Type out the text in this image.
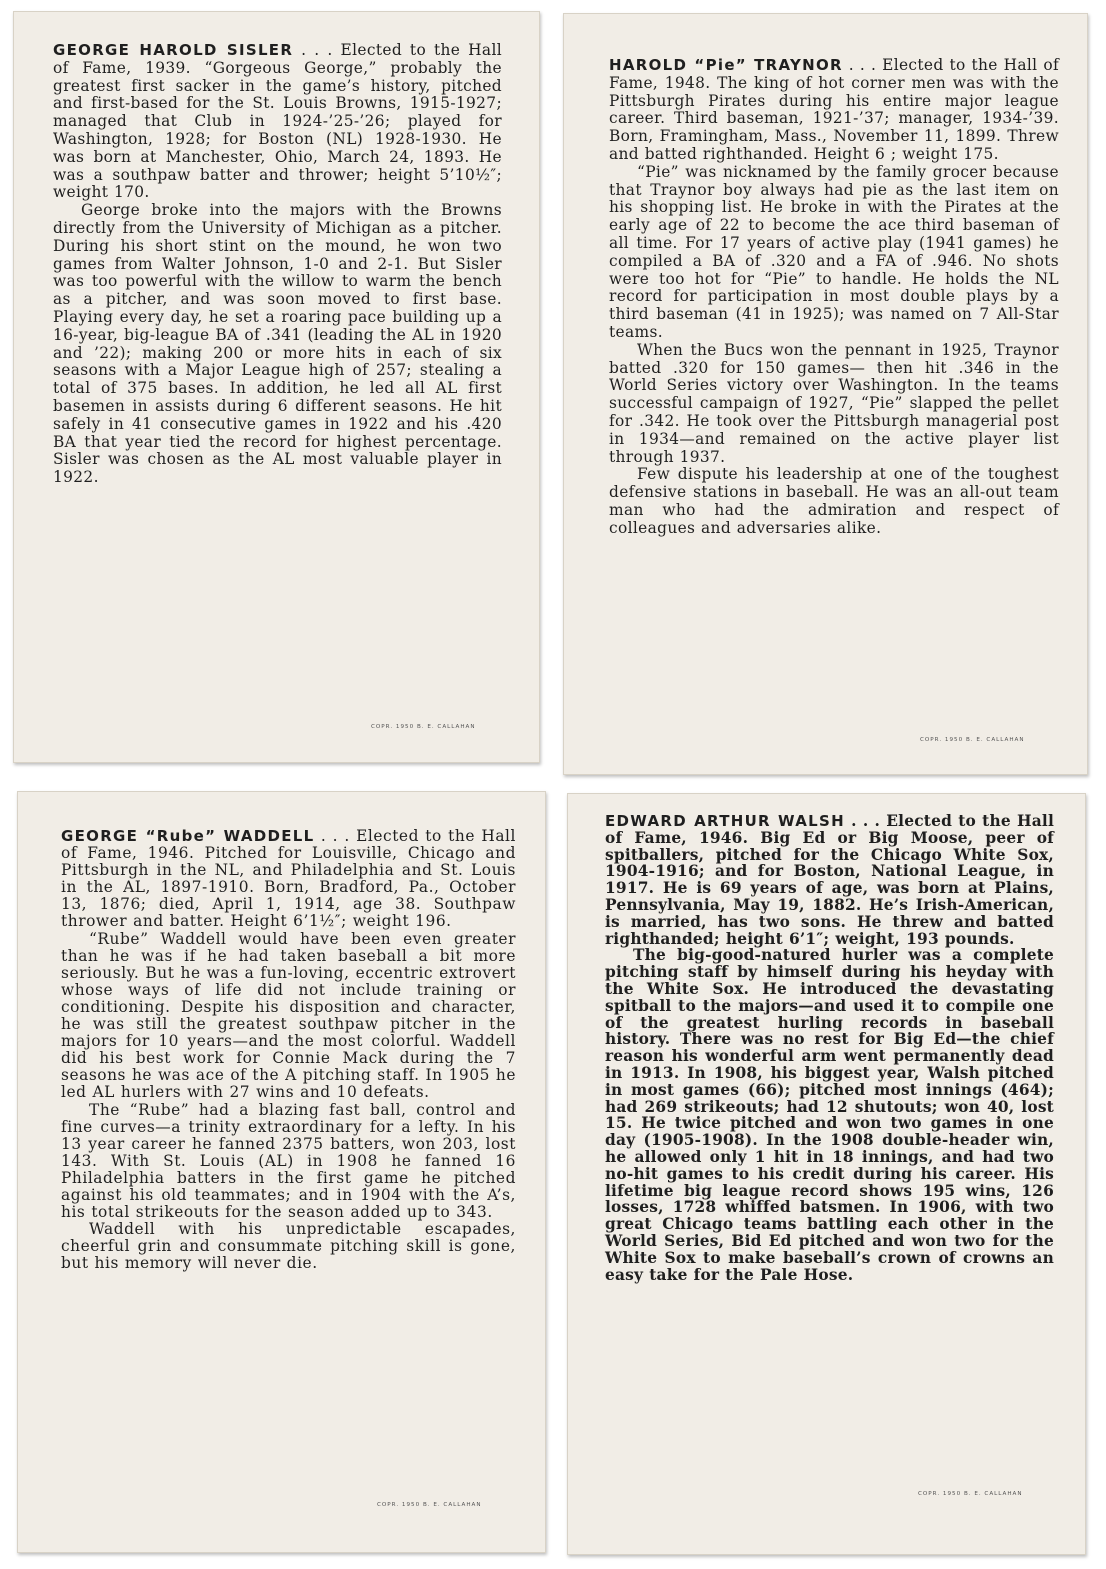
GEORGE HAROLD SISLER . . . Elected to the Hall of Fame, 1939. “Gorgeous George,” probably the greatest first sacker in the game’s history, pitched and first-based for the St. Louis Browns, 1915-1927; managed that Club in 1924-’25-’26; played for Washington, 1928; for Boston (NL) 1928-1930. He was born at Manchester, Ohio, March 24, 1893. He was a southpaw batter and thrower; height 5’10½″; weight 170.

George broke into the majors with the Browns directly from the University of Michigan as a pitcher. During his short stint on the mound, he won two games from Walter Johnson, 1-0 and 2-1. But Sisler was too powerful with the willow to warm the bench as a pitcher, and was soon moved to first base. Playing every day, he set a roaring pace building up a 16-year, big-league BA of .341 (leading the AL in 1920 and ’22); making 200 or more hits in each of six seasons with a Major League high of 257; stealing a total of 375 bases. In addition, he led all AL first basemen in assists during 6 different seasons. He hit safely in 41 consecutive games in 1922 and his .420 BA that year tied the record for highest percentage. Sisler was chosen as the AL most valuable player in 1922.

COPR. 1950 B. E. CALLAHAN

HAROLD “Pie” TRAYNOR . . . Elected to the Hall of Fame, 1948. The king of hot corner men was with the Pittsburgh Pirates during his entire major league career. Third baseman, 1921-’37; manager, 1934-’39. Born, Framingham, Mass., November 11, 1899. Threw and batted righthanded. Height 6 ; weight 175.

“Pie” was nicknamed by the family grocer because that Traynor boy always had pie as the last item on his shopping list. He broke in with the Pirates at the early age of 22 to become the ace third baseman of all time. For 17 years of active play (1941 games) he compiled a BA of .320 and a FA of .946. No shots were too hot for “Pie” to handle. He holds the NL record for participation in most double plays by a third baseman (41 in 1925); was named on 7 All-Star teams.

When the Bucs won the pennant in 1925, Traynor batted .320 for 150 games— then hit .346 in the World Series victory over Washington. In the teams successful campaign of 1927, “Pie” slapped the pellet for .342. He took over the Pittsburgh managerial post in 1934—and remained on the active player list through 1937.

Few dispute his leadership at one of the toughest defensive stations in baseball. He was an all-out team man who had the admiration and respect of colleagues and adversaries alike.

COPR. 1950 B. E. CALLAHAN

GEORGE “Rube” WADDELL . . . Elected to the Hall of Fame, 1946. Pitched for Louisville, Chicago and Pittsburgh in the NL, and Philadelphia and St. Louis in the AL, 1897-1910. Born, Bradford, Pa., October 13, 1876; died, April 1, 1914, age 38. Southpaw thrower and batter. Height 6’1½″; weight 196.

“Rube” Waddell would have been even greater than he was if he had taken baseball a bit more seriously. But he was a fun-loving, eccentric extrovert whose ways of life did not include training or conditioning. Despite his disposition and character, he was still the greatest southpaw pitcher in the majors for 10 years—and the most colorful. Waddell did his best work for Connie Mack during the 7 seasons he was ace of the A pitching staff. In 1905 he led AL hurlers with 27 wins and 10 defeats.

The “Rube” had a blazing fast ball, control and fine curves—a trinity extraordinary for a lefty. In his 13 year career he fanned 2375 batters, won 203, lost 143. With St. Louis (AL) in 1908 he fanned 16 Philadelphia batters in the first game he pitched against his old teammates; and in 1904 with the A’s, his total strikeouts for the season added up to 343.

Waddell with his unpredictable escapades, cheerful grin and consummate pitching skill is gone, but his memory will never die.

COPR. 1950 B. E. CALLAHAN

EDWARD ARTHUR WALSH . . . Elected to the Hall of Fame, 1946. Big Ed or Big Moose, peer of spitballers, pitched for the Chicago White Sox, 1904-1916; and for Boston, National League, in 1917. He is 69 years of age, was born at Plains, Pennsylvania, May 19, 1882. He’s Irish-American, is married, has two sons. He threw and batted righthanded; height 6’1″; weight, 193 pounds.

The big-good-natured hurler was a complete pitching staff by himself during his heyday with the White Sox. He introduced the devastating spitball to the majors—and used it to compile one of the greatest hurling records in baseball history. There was no rest for Big Ed—the chief reason his wonderful arm went permanently dead in 1913. In 1908, his biggest year, Walsh pitched in most games (66); pitched most innings (464); had 269 strikeouts; had 12 shutouts; won 40, lost 15. He twice pitched and won two games in one day (1905-1908). In the 1908 double-header win, he allowed only 1 hit in 18 innings, and had two no-hit games to his credit during his career. His lifetime big league record shows 195 wins, 126 losses, 1728 whiffed batsmen. In 1906, with two great Chicago teams battling each other in the World Series, Bid Ed pitched and won two for the White Sox to make baseball’s crown of crowns an easy take for the Pale Hose.

COPR. 1950 B. E. CALLAHAN
